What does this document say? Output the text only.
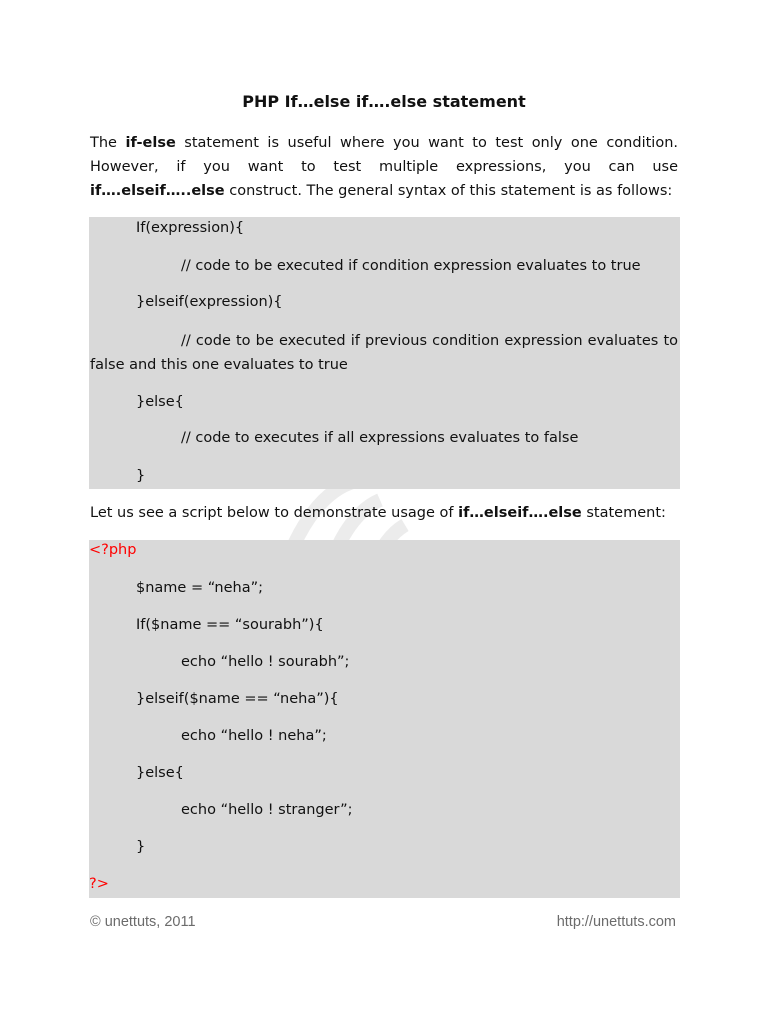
PHP If…else if….else statement
The if-else statement is useful where you want to test only one condition. However, if you want to test multiple expressions, you can use if….elseif…..else construct. The general syntax of this statement is as follows:
If(expression){
// code to be executed if condition expression evaluates to true
}elseif(expression){
// code to be executed if previous condition expression evaluates to false and this one evaluates to true
}else{
// code to executes if all expressions evaluates to false
}
Let us see a script below to demonstrate usage of if…elseif….else statement:
<?php
$name = “neha”;
If($name == “sourabh”){
echo “hello ! sourabh”;
}elseif($name == “neha”){
echo “hello ! neha”;
}else{
echo “hello ! stranger”;
}
?>
© unettuts, 2011	http://unettuts.com
